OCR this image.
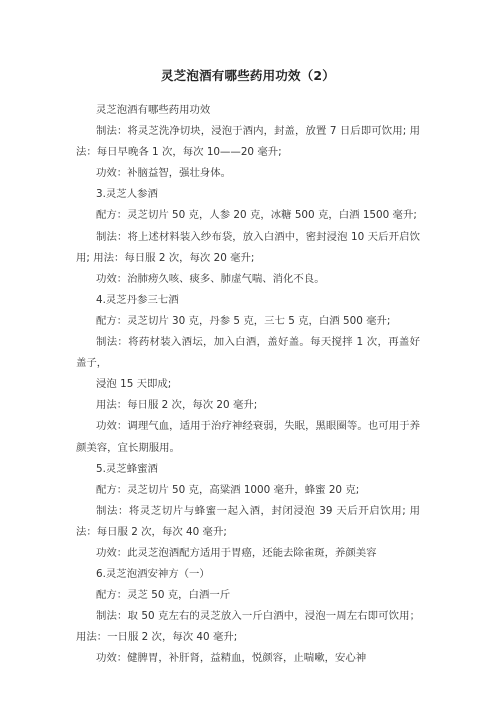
灵芝泡酒有哪些药用功效（2）

灵芝泡酒有哪些药用功效

制法：将灵芝洗净切块，浸泡于酒内，封盖，放置 7 日后即可饮用; 用法：每日早晚各 1 次，每次 10——20 毫升;

功效：补脑益智，强壮身体。

3.灵芝人参酒

配方：灵芝切片 50 克，人参 20 克，冰糖 500 克，白酒 1500 毫升;

制法：将上述材料装入纱布袋，放入白酒中，密封浸泡 10 天后开启饮用; 用法：每日服 2 次，每次 20 毫升;

功效：治肺痨久咳、痰多、肺虚气喘、消化不良。

4.灵芝丹参三七酒

配方：灵芝切片 30 克，丹参 5 克，三七 5 克，白酒 500 毫升;

制法：将药材装入酒坛，加入白酒，盖好盖。每天搅拌 1 次，再盖好盖子，

浸泡 15 天即成;

用法：每日服 2 次，每次 20 毫升;

功效：调理气血，适用于治疗神经衰弱，失眠，黑眼圈等。也可用于养颜美容，宜长期服用。

5.灵芝蜂蜜酒

配方：灵芝切片 50 克，高粱酒 1000 毫升，蜂蜜 20 克;

制法：将灵芝切片与蜂蜜一起入酒，封闭浸泡 39 天后开启饮用; 用法：每日服 2 次，每次 40 毫升;

功效：此灵芝泡酒配方适用于胃癌，还能去除雀斑，养颜美容

6.灵芝泡酒安神方（一）

配方：灵芝 50 克，白酒一斤

制法：取 50 克左右的灵芝放入一斤白酒中，浸泡一周左右即可饮用； 用法：一日服 2 次，每次 40 毫升;

功效：健脾胃，补肝肾，益精血，悦颜容，止喘嗽，安心神
